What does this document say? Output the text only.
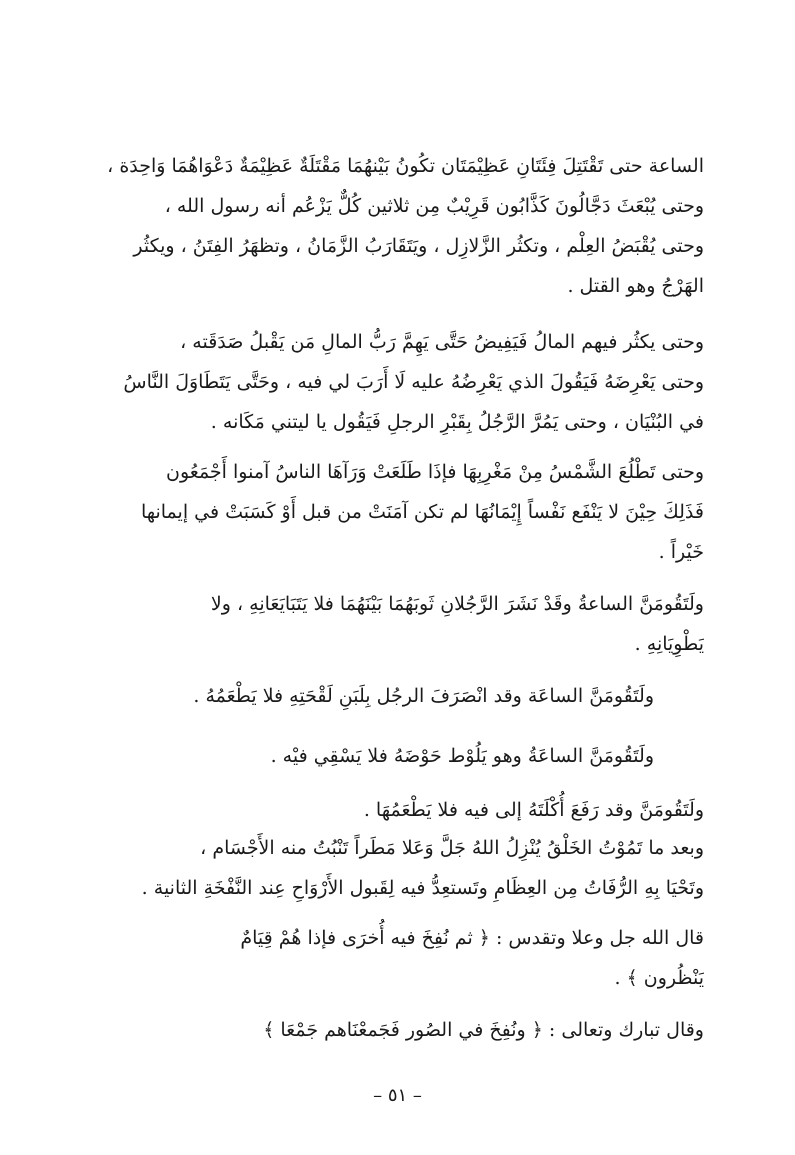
الساعة حتى تَقْتَتِلَ فِئَتَانِ عَظِيْمَتَان تكُونُ بَيْنهُمَا مَقْتَلَةٌ عَظِيْمَةٌ دَعْوَاهُمَا وَاحِدَة ،
وحتى يُبْعَثَ دَجَّالُونَ كَذَّابُون قَرِيْبٌ مِن ثلاثين كُلٌّ يَزْعُم أنه رسول الله ،
وحتى يُقْبَضُ العِلْم ، وتكثُر الزَّلازِل ، ويَتَقَارَبُ الزَّمَانُ ، وتظهَرُ الفِتَنُ ، ويكثُر
الهَرْجُ وهو القتل .
وحتى يكثُر فيهم المالُ فَيَفِيضُ حَتَّى يَهِمَّ رَبُّ المالِ مَن يَقْبلُ صَدَقَته ،
وحتى يَعْرِضَهُ فَيَقُولَ الذي يَعْرِضُهُ عليه لَا أَرَبَ لي فيه ، وحَتَّى يَتَطَاوَلَ النَّاسُ
في البُنْيَان ، وحتى يَمُرَّ الرَّجُلُ بِقَبْرِ الرجلِ فَيَقُول يا ليتني مَكَانه .
وحتى تَطْلُعَ الشَّمْسُ مِنْ مَغْرِبِهَا فإذَا طَلَعَتْ وَرَآهَا الناسُ آمنوا أَجْمَعُون
فَذَلِكَ حِيْنَ لا يَنْفَع نَفْساً إِيْمَانُهَا لم تكن آمَنَتْ من قبل أَوْ كَسَبَتْ في إيمانها
خَيْراً .
ولَتَقُومَنَّ الساعةُ وقَدْ نَشَرَ الرَّجُلانِ ثَوبَهُمَا بَيْنَهُمَا فلا يَتَبَايَعَانِهِ ، ولا
يَطْوِيَانِهِ .
ولَتَقُومَنَّ الساعَة وقد انْصَرَفَ الرجُل بِلَبَنِ لَقْحَتِهِ فلا يَطْعَمُهُ .
ولَتَقُومَنَّ الساعَةُ وهو يَلُوْط حَوْضَهُ فلا يَسْقِي فيْه .
ولَتَقُومَنَّ وقد رَفَعَ أُكْلَتَهُ إلى فيه فلا يَطْعَمُهَا .
وبعد ما تَمُوْتُ الخَلْقُ يُنْزِلُ اللهُ جَلَّ وَعَلا مَطَراً تَنْبُتُ منه الأَجْسَام ،
وتَحْيَا بِهِ الرُّفَاتُ مِن العِظَامِ وتَستعِدُّ فيه لِقَبول الأَرْوَاحِ عِند النَّفْخَةِ الثانية .
قال الله جل وعلا وتقدس : ﴿ ثم نُفِخَ فيه أُخرَى فإذا هُمْ قِيَامٌ
يَنْظُرون ﴾ .
وقال تبارك وتعالى : ﴿ ونُفِخَ في الصُور فَجَمعْنَاهم جَمْعَا ﴾
– ٥١ –
